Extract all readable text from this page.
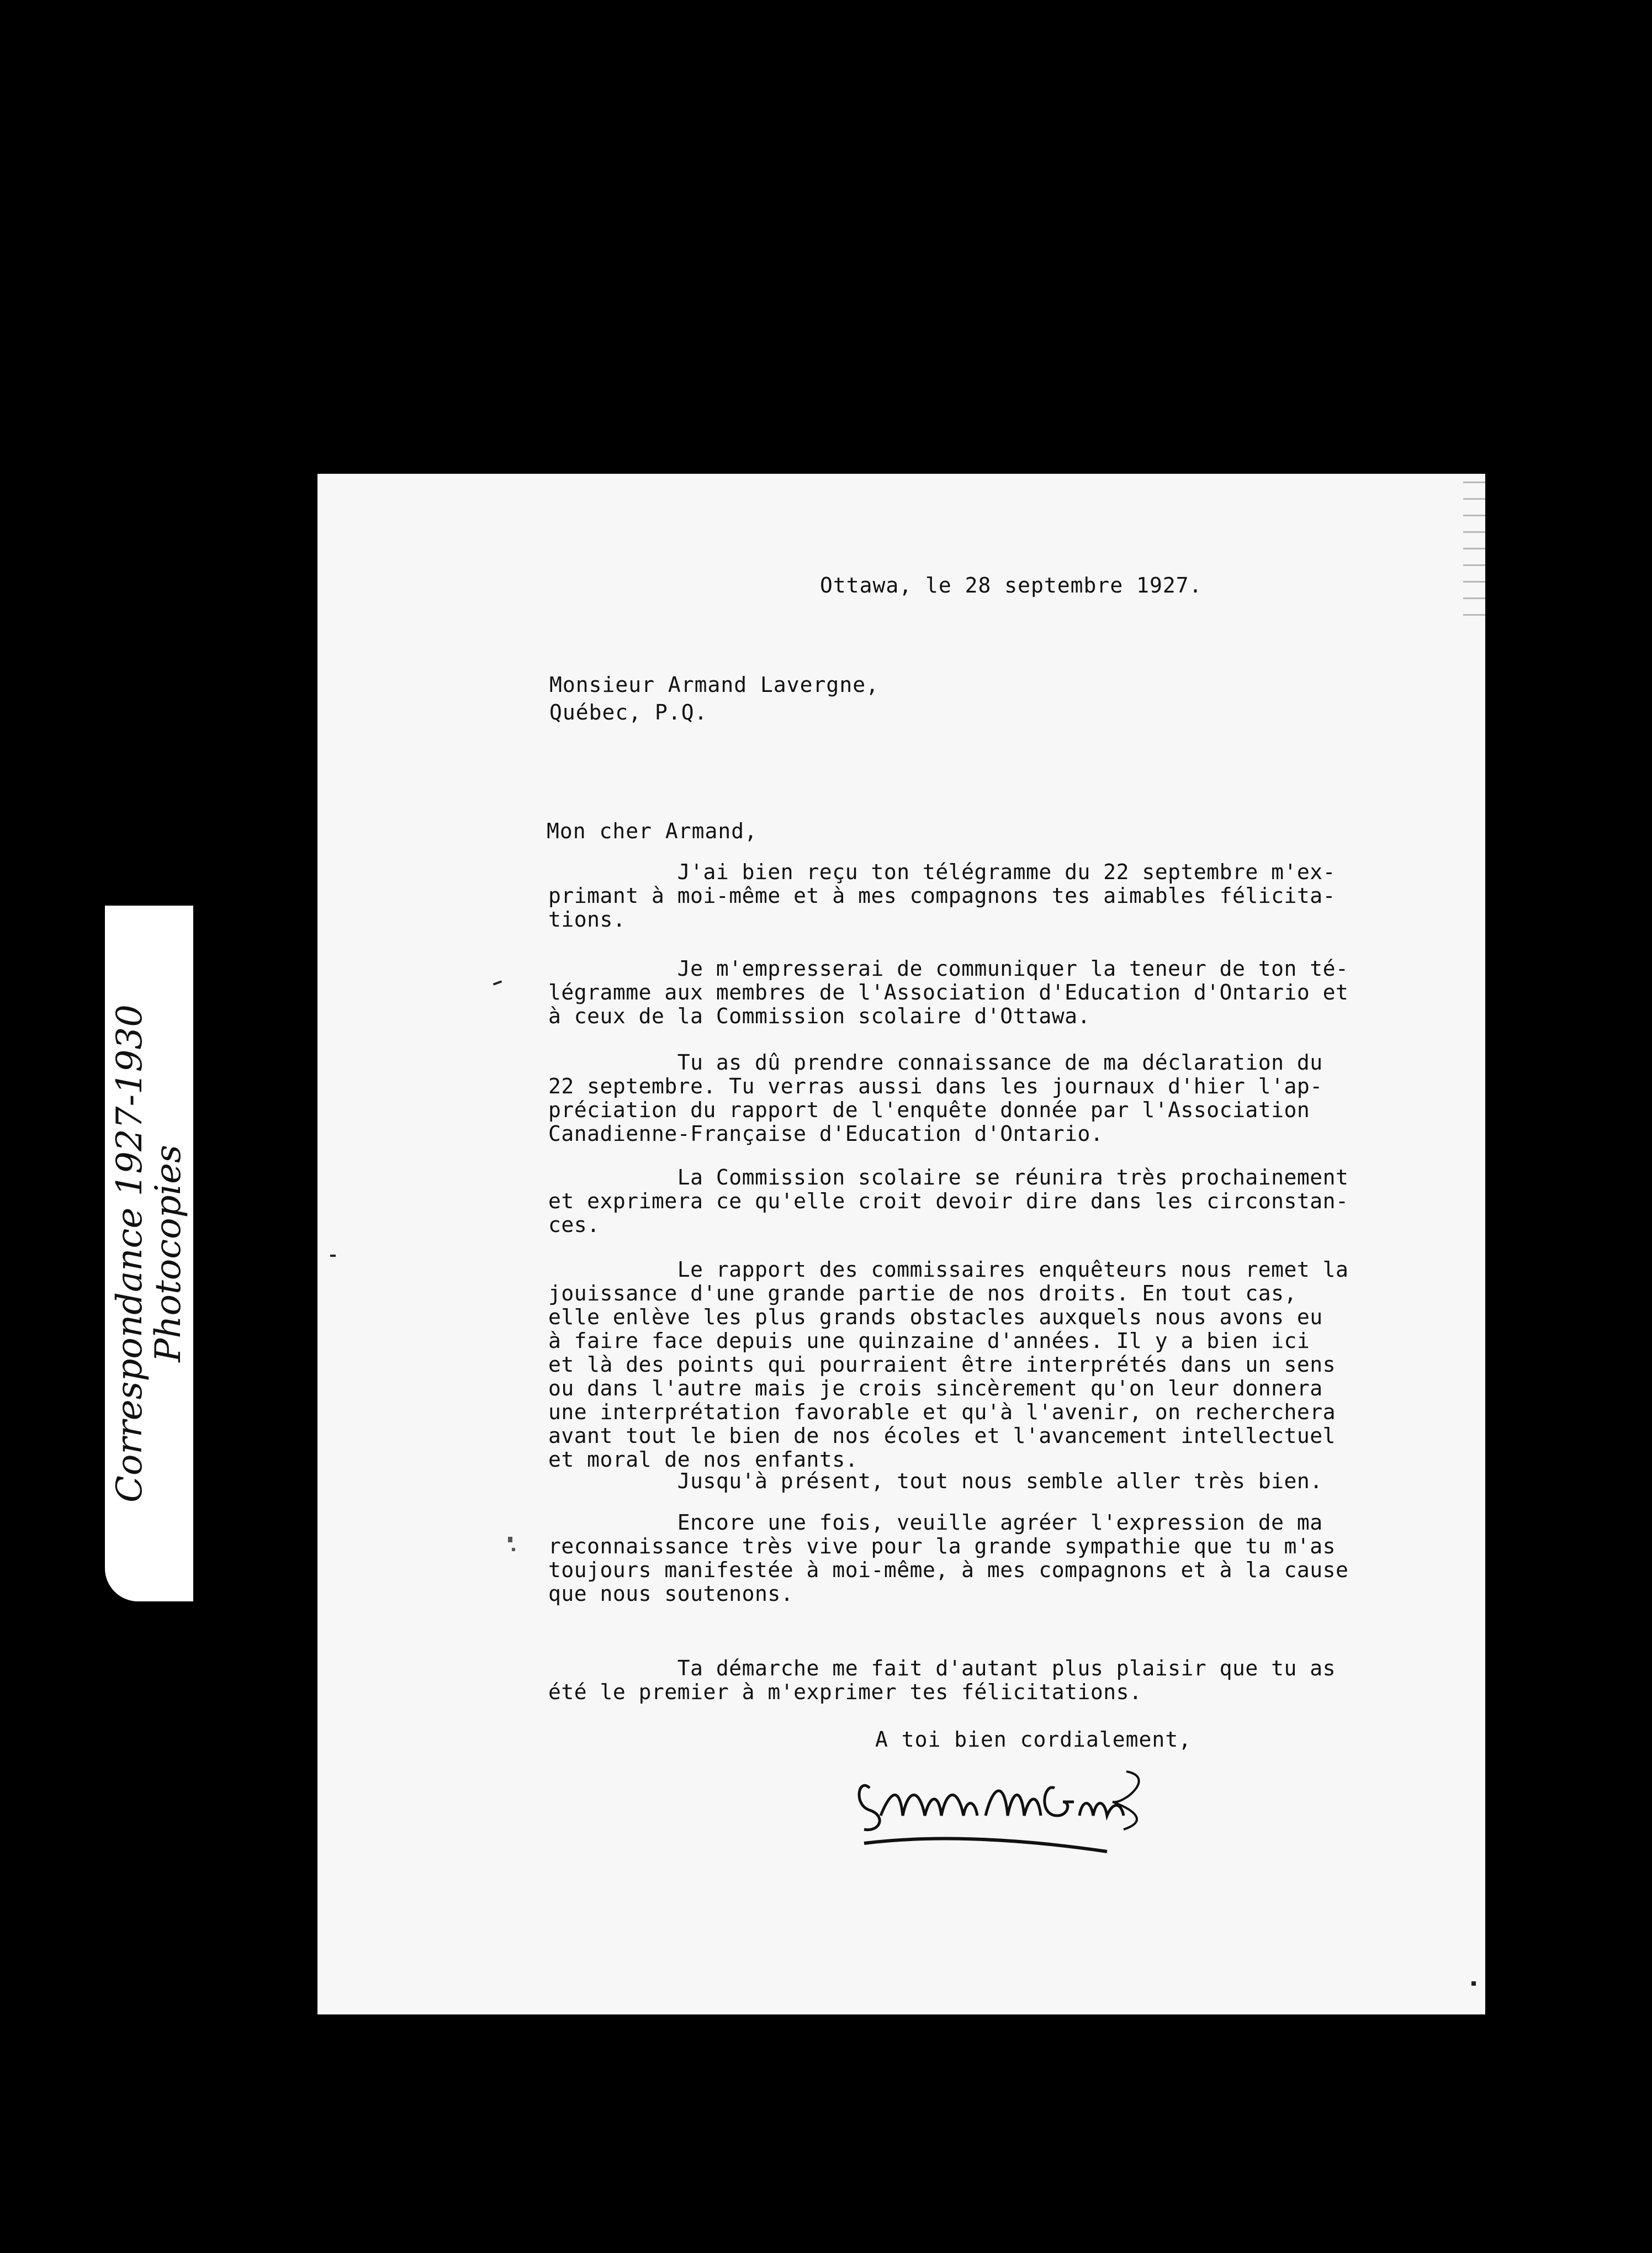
Correspondance 1927-1930
Photocopies
Ottawa, le 28 septembre 1927.
Monsieur Armand Lavergne,
Québec, P.Q.
Mon cher Armand,
J'ai bien reçu ton télégramme du 22 septembre m'ex-
primant à moi-même et à mes compagnons tes aimables félicita-
tions.
Je m'empresserai de communiquer la teneur de ton té-
légramme aux membres de l'Association d'Education d'Ontario et
à ceux de la Commission scolaire d'Ottawa.
Tu as dû prendre connaissance de ma déclaration du
22 septembre. Tu verras aussi dans les journaux d'hier l'ap-
préciation du rapport de l'enquête donnée par l'Association
Canadienne-Française d'Education d'Ontario.
La Commission scolaire se réunira très prochainement
et exprimera ce qu'elle croit devoir dire dans les circonstan-
ces.
Le rapport des commissaires enquêteurs nous remet la
jouissance d'une grande partie de nos droits. En tout cas,
elle enlève les plus grands obstacles auxquels nous avons eu
à faire face depuis une quinzaine d'années. Il y a bien ici
et là des points qui pourraient être interprétés dans un sens
ou dans l'autre mais je crois sincèrement qu'on leur donnera
une interprétation favorable et qu'à l'avenir, on recherchera
avant tout le bien de nos écoles et l'avancement intellectuel
et moral de nos enfants.
Jusqu'à présent, tout nous semble aller très bien.
Encore une fois, veuille agréer l'expression de ma
reconnaissance très vive pour la grande sympathie que tu m'as
toujours manifestée à moi-même, à mes compagnons et à la cause
que nous soutenons.
Ta démarche me fait d'autant plus plaisir que tu as
été le premier à m'exprimer tes félicitations.
A toi bien cordialement,
